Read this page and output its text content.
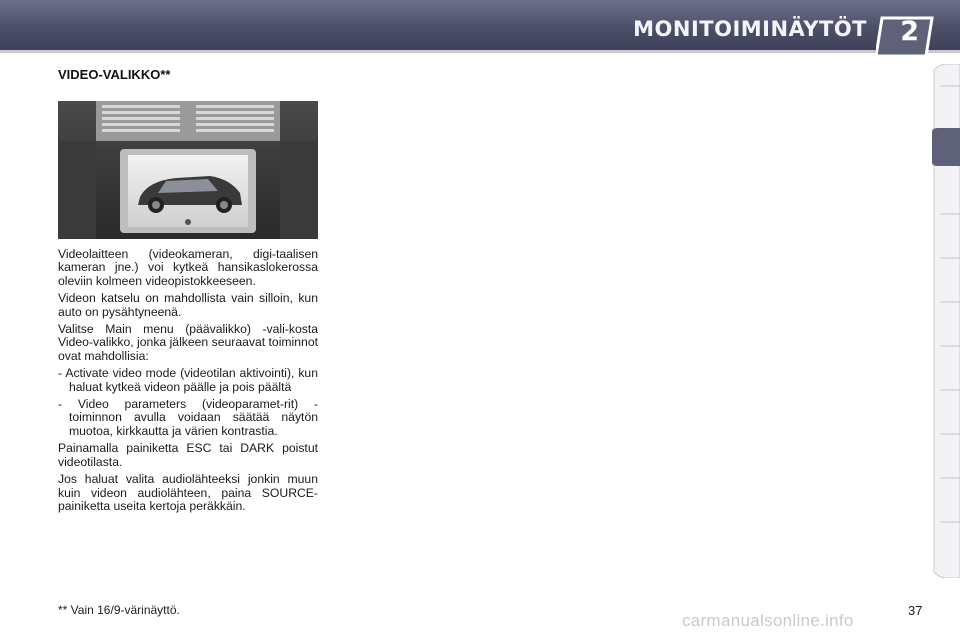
MONITOIMINÄYTÖT 2
VIDEO-VALIKKO**

Videolaitteen (videokameran, digi-taalisen kameran jne.) voi kytkeä hansikaslokerossa oleviin kolmeen videopistokkeeseen.

Videon katselu on mahdollista vain silloin, kun auto on pysähtyneenä.

Valitse Main menu (päävalikko) -vali-kosta Video-valikko, jonka jälkeen seuraavat toiminnot ovat mahdollisia:

- Activate video mode (videotilan aktivointi), kun haluat kytkeä videon päälle ja pois päältä

- Video parameters (videoparamet-rit) -toiminnon avulla voidaan säätää näytön muotoa, kirkkautta ja värien kontrastia.

Painamalla painiketta ESC tai DARK poistut videotilasta.

Jos haluat valita audiolähteeksi jonkin muun kuin videon audiolähteen, paina SOURCE-painiketta useita kertoja peräkkäin.

** Vain 16/9-värinäyttö.	37
carmanualsonline.info
